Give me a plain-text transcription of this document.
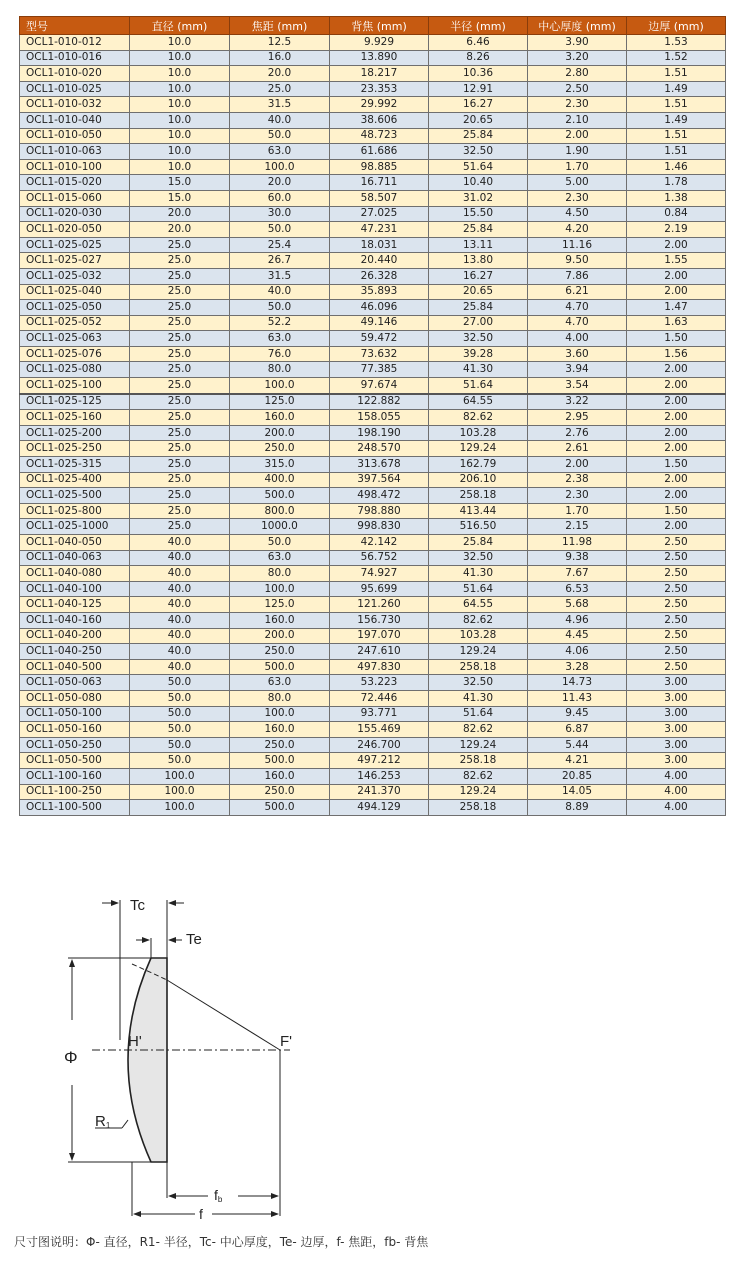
型号	直径 (mm)	焦距 (mm)	背焦 (mm)	半径 (mm)	中心厚度 (mm)	边厚 (mm)
OCL1-010-012	10.0	12.5	9.929	6.46	3.90	1.53
OCL1-010-016	10.0	16.0	13.890	8.26	3.20	1.52
OCL1-010-020	10.0	20.0	18.217	10.36	2.80	1.51
OCL1-010-025	10.0	25.0	23.353	12.91	2.50	1.49
OCL1-010-032	10.0	31.5	29.992	16.27	2.30	1.51
OCL1-010-040	10.0	40.0	38.606	20.65	2.10	1.49
OCL1-010-050	10.0	50.0	48.723	25.84	2.00	1.51
OCL1-010-063	10.0	63.0	61.686	32.50	1.90	1.51
OCL1-010-100	10.0	100.0	98.885	51.64	1.70	1.46
OCL1-015-020	15.0	20.0	16.711	10.40	5.00	1.78
OCL1-015-060	15.0	60.0	58.507	31.02	2.30	1.38
OCL1-020-030	20.0	30.0	27.025	15.50	4.50	0.84
OCL1-020-050	20.0	50.0	47.231	25.84	4.20	2.19
OCL1-025-025	25.0	25.4	18.031	13.11	11.16	2.00
OCL1-025-027	25.0	26.7	20.440	13.80	9.50	1.55
OCL1-025-032	25.0	31.5	26.328	16.27	7.86	2.00
OCL1-025-040	25.0	40.0	35.893	20.65	6.21	2.00
OCL1-025-050	25.0	50.0	46.096	25.84	4.70	1.47
OCL1-025-052	25.0	52.2	49.146	27.00	4.70	1.63
OCL1-025-063	25.0	63.0	59.472	32.50	4.00	1.50
OCL1-025-076	25.0	76.0	73.632	39.28	3.60	1.56
OCL1-025-080	25.0	80.0	77.385	41.30	3.94	2.00
OCL1-025-100	25.0	100.0	97.674	51.64	3.54	2.00
OCL1-025-125	25.0	125.0	122.882	64.55	3.22	2.00
OCL1-025-160	25.0	160.0	158.055	82.62	2.95	2.00
OCL1-025-200	25.0	200.0	198.190	103.28	2.76	2.00
OCL1-025-250	25.0	250.0	248.570	129.24	2.61	2.00
OCL1-025-315	25.0	315.0	313.678	162.79	2.00	1.50
OCL1-025-400	25.0	400.0	397.564	206.10	2.38	2.00
OCL1-025-500	25.0	500.0	498.472	258.18	2.30	2.00
OCL1-025-800	25.0	800.0	798.880	413.44	1.70	1.50
OCL1-025-1000	25.0	1000.0	998.830	516.50	2.15	2.00
OCL1-040-050	40.0	50.0	42.142	25.84	11.98	2.50
OCL1-040-063	40.0	63.0	56.752	32.50	9.38	2.50
OCL1-040-080	40.0	80.0	74.927	41.30	7.67	2.50
OCL1-040-100	40.0	100.0	95.699	51.64	6.53	2.50
OCL1-040-125	40.0	125.0	121.260	64.55	5.68	2.50
OCL1-040-160	40.0	160.0	156.730	82.62	4.96	2.50
OCL1-040-200	40.0	200.0	197.070	103.28	4.45	2.50
OCL1-040-250	40.0	250.0	247.610	129.24	4.06	2.50
OCL1-040-500	40.0	500.0	497.830	258.18	3.28	2.50
OCL1-050-063	50.0	63.0	53.223	32.50	14.73	3.00
OCL1-050-080	50.0	80.0	72.446	41.30	11.43	3.00
OCL1-050-100	50.0	100.0	93.771	51.64	9.45	3.00
OCL1-050-160	50.0	160.0	155.469	82.62	6.87	3.00
OCL1-050-250	50.0	250.0	246.700	129.24	5.44	3.00
OCL1-050-500	50.0	500.0	497.212	258.18	4.21	3.00
OCL1-100-160	100.0	160.0	146.253	82.62	20.85	4.00
OCL1-100-250	100.0	250.0	241.370	129.24	14.05	4.00
OCL1-100-500	100.0	500.0	494.129	258.18	8.89	4.00
Tc
Te
Φ
H'	F'
R1
fb
f
尺寸图说明：Φ- 直径，R1- 半径，Tc- 中心厚度，Te- 边厚，f- 焦距，fb- 背焦
